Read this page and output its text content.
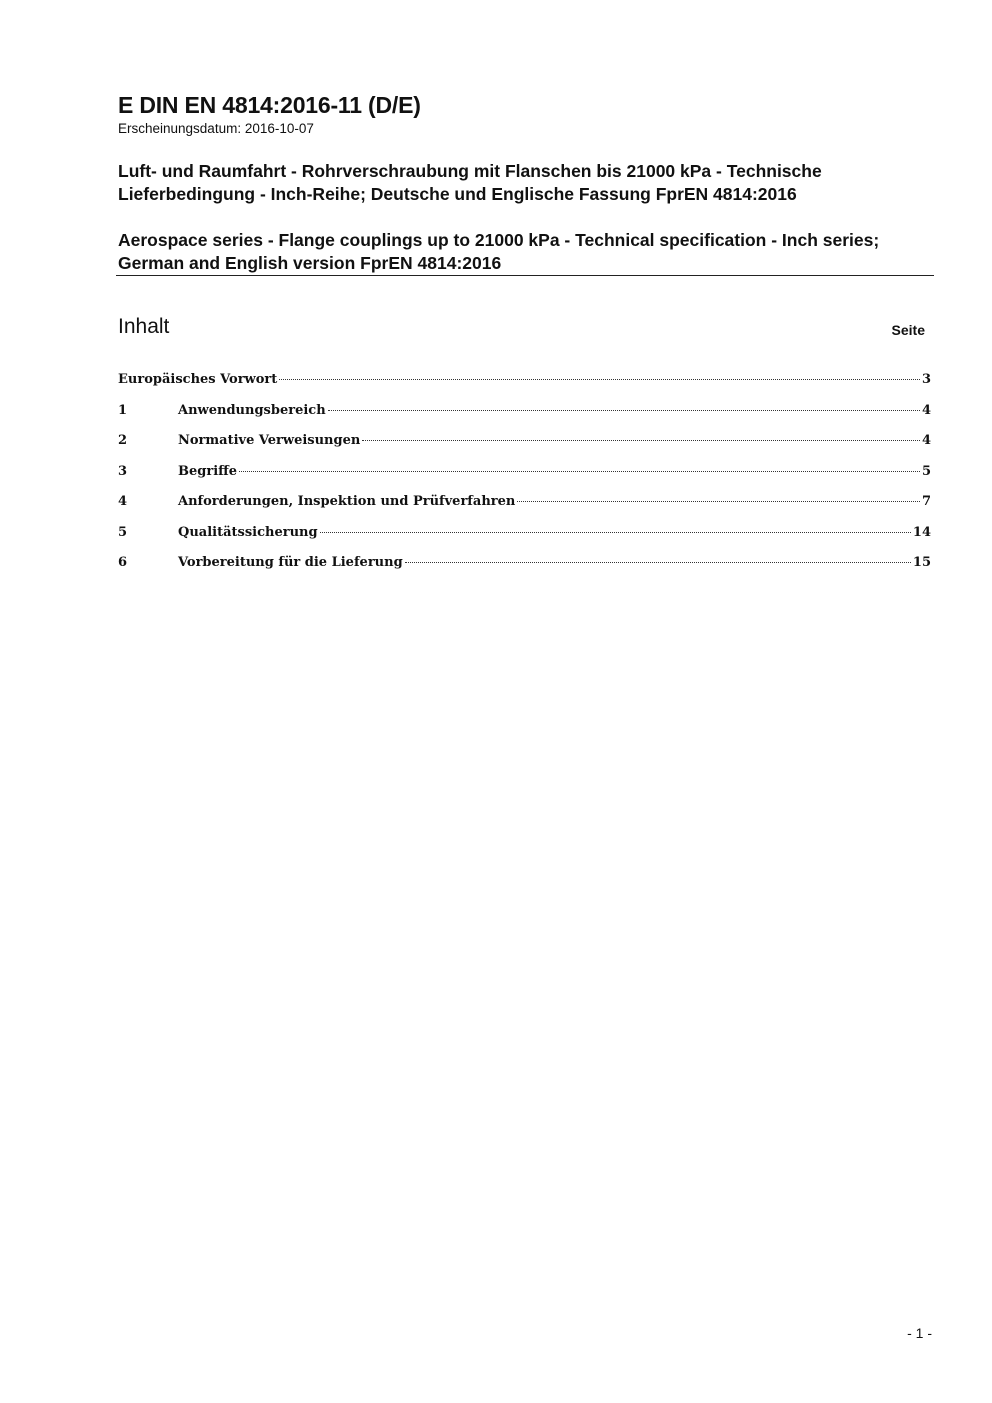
E DIN EN 4814:2016-11 (D/E)
Erscheinungsdatum: 2016-10-07
Luft- und Raumfahrt - Rohrverschraubung mit Flanschen bis 21000 kPa - Technische Lieferbedingung - Inch-Reihe; Deutsche und Englische Fassung FprEN 4814:2016
Aerospace series - Flange couplings up to 21000 kPa - Technical specification - Inch series; German and English version FprEN 4814:2016
Inhalt	Seite
Europäisches Vorwort	3
1	Anwendungsbereich	4
2	Normative Verweisungen	4
3	Begriffe	5
4	Anforderungen, Inspektion und Prüfverfahren	7
5	Qualitätssicherung	14
6	Vorbereitung für die Lieferung	15
- 1 -
